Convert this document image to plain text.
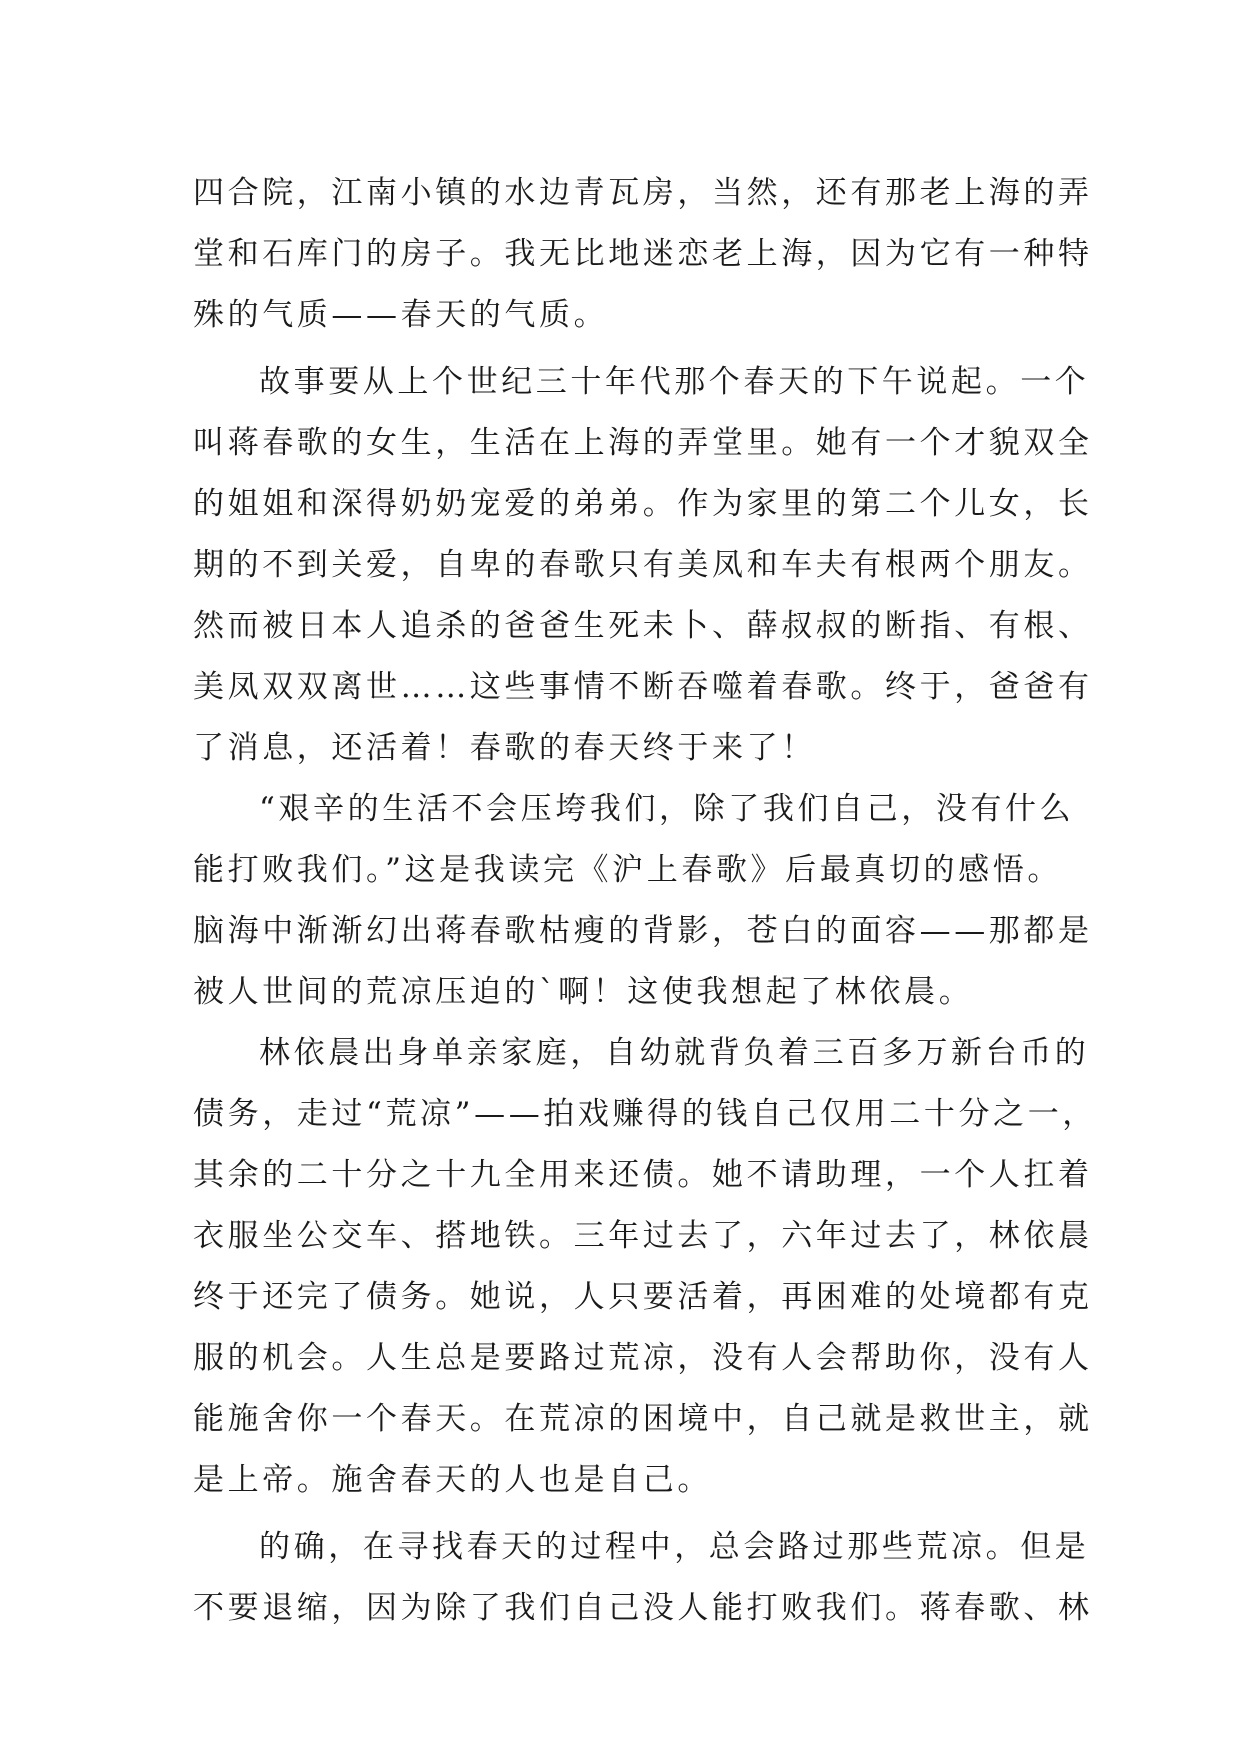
四合院，江南小镇的水边青瓦房，当然，还有那老上海的弄
堂和石库门的房子。我无比地迷恋老上海，因为它有一种特
殊的气质——春天的气质。
故事要从上个世纪三十年代那个春天的下午说起。一个
叫蒋春歌的女生，生活在上海的弄堂里。她有一个才貌双全
的姐姐和深得奶奶宠爱的弟弟。作为家里的第二个儿女，长
期的不到关爱，自卑的春歌只有美凤和车夫有根两个朋友。
然而被日本人追杀的爸爸生死未卜、薛叔叔的断指、有根、
美凤双双离世……这些事情不断吞噬着春歌。终于，爸爸有
了消息，还活着！春歌的春天终于来了！
“艰辛的生活不会压垮我们，除了我们自己，没有什么
能打败我们。”这是我读完《沪上春歌》后最真切的感悟。
脑海中渐渐幻出蒋春歌枯瘦的背影，苍白的面容——那都是
被人世间的荒凉压迫的`啊！这使我想起了林依晨。
林依晨出身单亲家庭，自幼就背负着三百多万新台币的
债务，走过“荒凉”——拍戏赚得的钱自己仅用二十分之一，
其余的二十分之十九全用来还债。她不请助理，一个人扛着
衣服坐公交车、搭地铁。三年过去了，六年过去了，林依晨
终于还完了债务。她说，人只要活着，再困难的处境都有克
服的机会。人生总是要路过荒凉，没有人会帮助你，没有人
能施舍你一个春天。在荒凉的困境中，自己就是救世主，就
是上帝。施舍春天的人也是自己。
的确，在寻找春天的过程中，总会路过那些荒凉。但是
不要退缩，因为除了我们自己没人能打败我们。蒋春歌、林
